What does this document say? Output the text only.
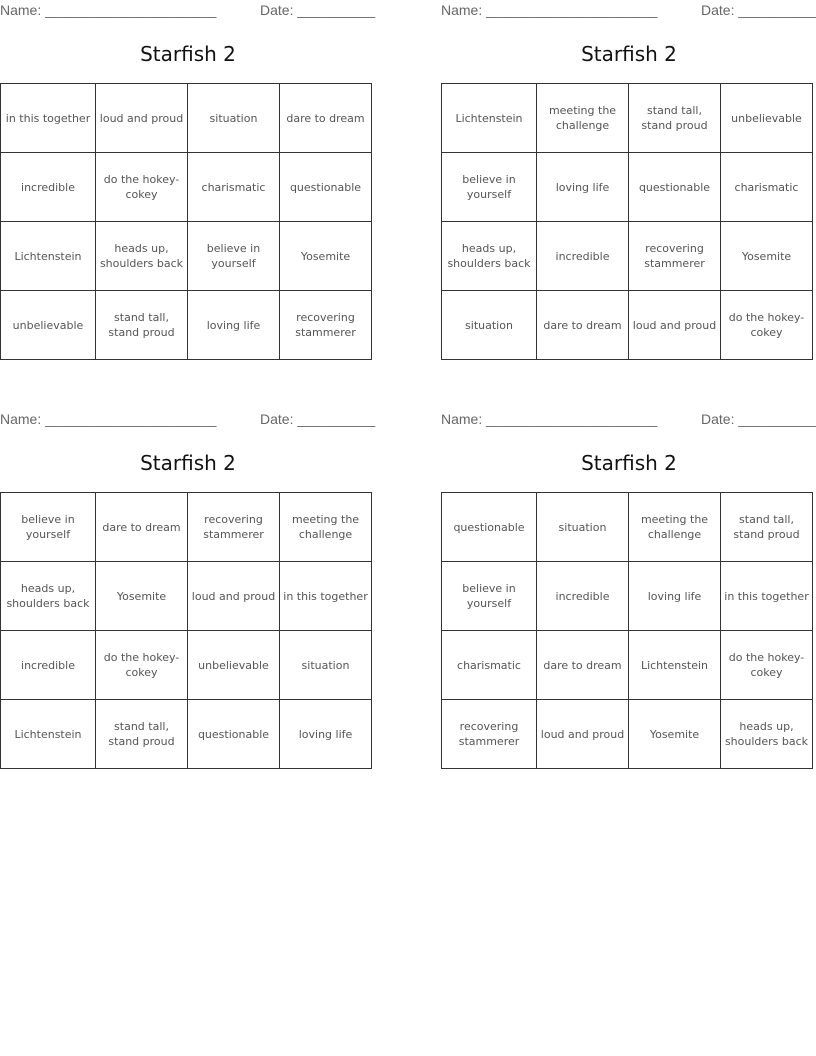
Name: ______________________	Date: __________
Starfish 2
in this together	loud and proud	situation	dare to dream
incredible	do the hokey-cokey	charismatic	questionable
Lichtenstein	heads up, shoulders back	believe in yourself	Yosemite
unbelievable	stand tall, stand proud	loving life	recovering stammerer
Name: ______________________	Date: __________
Starfish 2
Lichtenstein	meeting the challenge	stand tall, stand proud	unbelievable
believe in yourself	loving life	questionable	charismatic
heads up, shoulders back	incredible	recovering stammerer	Yosemite
situation	dare to dream	loud and proud	do the hokey-cokey
Name: ______________________	Date: __________
Starfish 2
believe in yourself	dare to dream	recovering stammerer	meeting the challenge
heads up, shoulders back	Yosemite	loud and proud	in this together
incredible	do the hokey-cokey	unbelievable	situation
Lichtenstein	stand tall, stand proud	questionable	loving life
Name: ______________________	Date: __________
Starfish 2
questionable	situation	meeting the challenge	stand tall, stand proud
believe in yourself	incredible	loving life	in this together
charismatic	dare to dream	Lichtenstein	do the hokey-cokey
recovering stammerer	loud and proud	Yosemite	heads up, shoulders back
